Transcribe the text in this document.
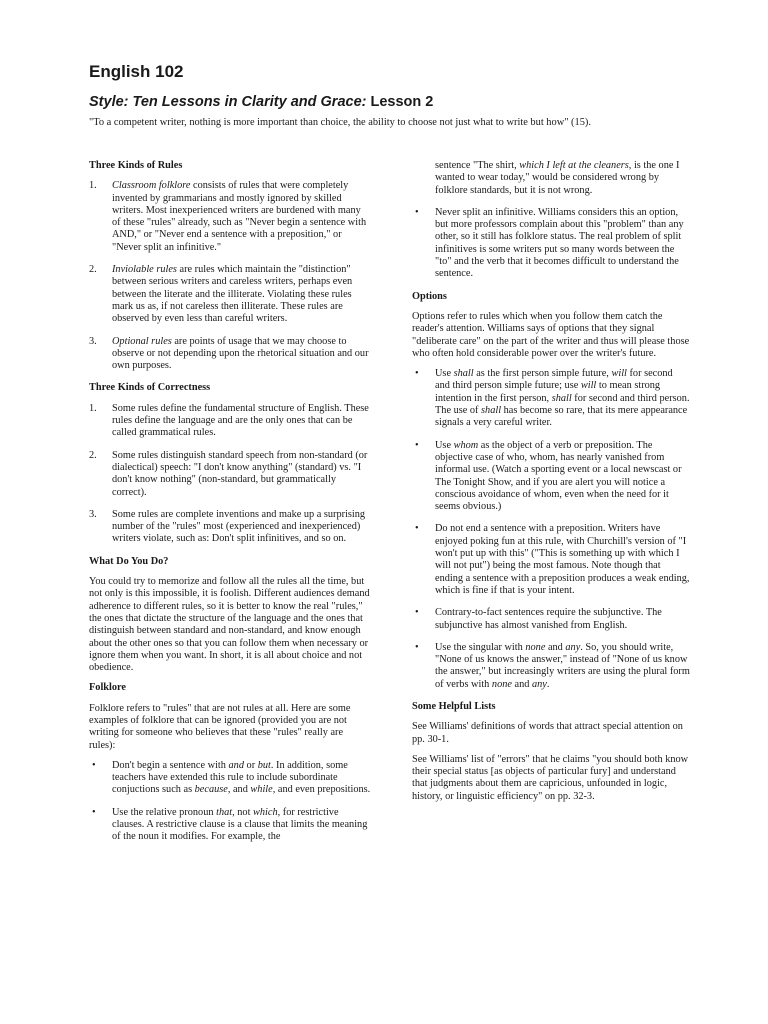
English 102
Style: Ten Lessons in Clarity and Grace: Lesson 2

"To a competent writer, nothing is more important than choice, the ability to choose not just what to write but how" (15).

Three Kinds of Rules
1. Classroom folklore consists of rules that were completely invented by grammarians and mostly ignored by skilled writers. Most inexperienced writers are burdened with many of these "rules" already, such as "Never begin a sentence with AND," or "Never end a sentence with a preposition," or "Never split an infinitive."
2. Inviolable rules are rules which maintain the "distinction" between serious writers and careless writers, perhaps even between the literate and the illiterate. Violating these rules mark us as, if not careless then illiterate. These rules are observed by even less than careful writers.
3. Optional rules are points of usage that we may choose to observe or not depending upon the rhetorical situation and our own purposes.
Three Kinds of Correctness
1. Some rules define the fundamental structure of English. These rules define the language and are the only ones that can be called grammatical rules.
2. Some rules distinguish standard speech from non-standard (or dialectical) speech: "I don't know anything" (standard) vs. "I don't know nothing" (non-standard, but grammatically correct).
3. Some rules are complete inventions and make up a surprising number of the "rules" most (experienced and inexperienced) writers violate, such as: Don't split infinitives, and so on.
What Do You Do?

You could try to memorize and follow all the rules all the time, but not only is this impossible, it is foolish. Different audiences demand adherence to different rules, so it is better to know the real "rules," the ones that dictate the structure of the language and the ones that distinguish between standard and non-standard, and know enough about the other ones so that you can follow them when necessary or ignore them when you want. In short, it is all about choice and not obedience.

Folklore

Folklore refers to "rules" that are not rules at all. Here are some examples of folklore that can be ignored (provided you are not writing for someone who believes that these "rules" really are rules):

• Don't begin a sentence with and or but. In addition, some teachers have extended this rule to include subordinate conjuctions such as because, and while, and even prepositions.
• Use the relative pronoun that, not which, for restrictive clauses. A restrictive clause is a clause that limits the meaning of the noun it modifies. For example, the
sentence "The shirt, which I left at the cleaners, is the one I wanted to wear today," would be considered wrong by folklore standards, but it is not wrong.
• Never split an infinitive. Williams considers this an option, but more professors complain about this "problem" than any other, so it still has folklore status. The real problem of split infinitives is some writers put so many words between the "to" and the verb that it becomes difficult to understand the sentence.
Options

Options refer to rules which when you follow them catch the reader's attention. Williams says of options that they signal "deliberate care" on the part of the writer and thus will please those who often hold considerable power over the writer's future.

• Use shall as the first person simple future, will for second and third person simple future; use will to mean strong intention in the first person, shall for second and third person. The use of shall has become so rare, that its mere appearance signals a very careful writer.
• Use whom as the object of a verb or preposition. The objective case of who, whom, has nearly vanished from informal use. (Watch a sporting event or a local newscast or The Tonight Show, and if you are alert you will notice a conscious avoidance of whom, even when the need for it seems obvious.)
• Do not end a sentence with a preposition. Writers have enjoyed poking fun at this rule, with Churchill's version of "I won't put up with this" ("This is something up with which I will not put") being the most famous. Note though that ending a sentence with a preposition produces a weak ending, which is fine if that is your intent.
• Contrary-to-fact sentences require the subjunctive. The subjunctive has almost vanished from English.
• Use the singular with none and any. So, you should write, "None of us knows the answer," instead of "None of us know the answer," but increasingly writers are using the plural form of verbs with none and any.
Some Helpful Lists

See Williams' definitions of words that attract special attention on pp. 30-1.

See Williams' list of "errors" that he claims "you should both know their special status [as objects of particular fury] and understand that judgments about them are capricious, unfounded in logic, history, or linguistic efficiency" on pp. 32-3.
